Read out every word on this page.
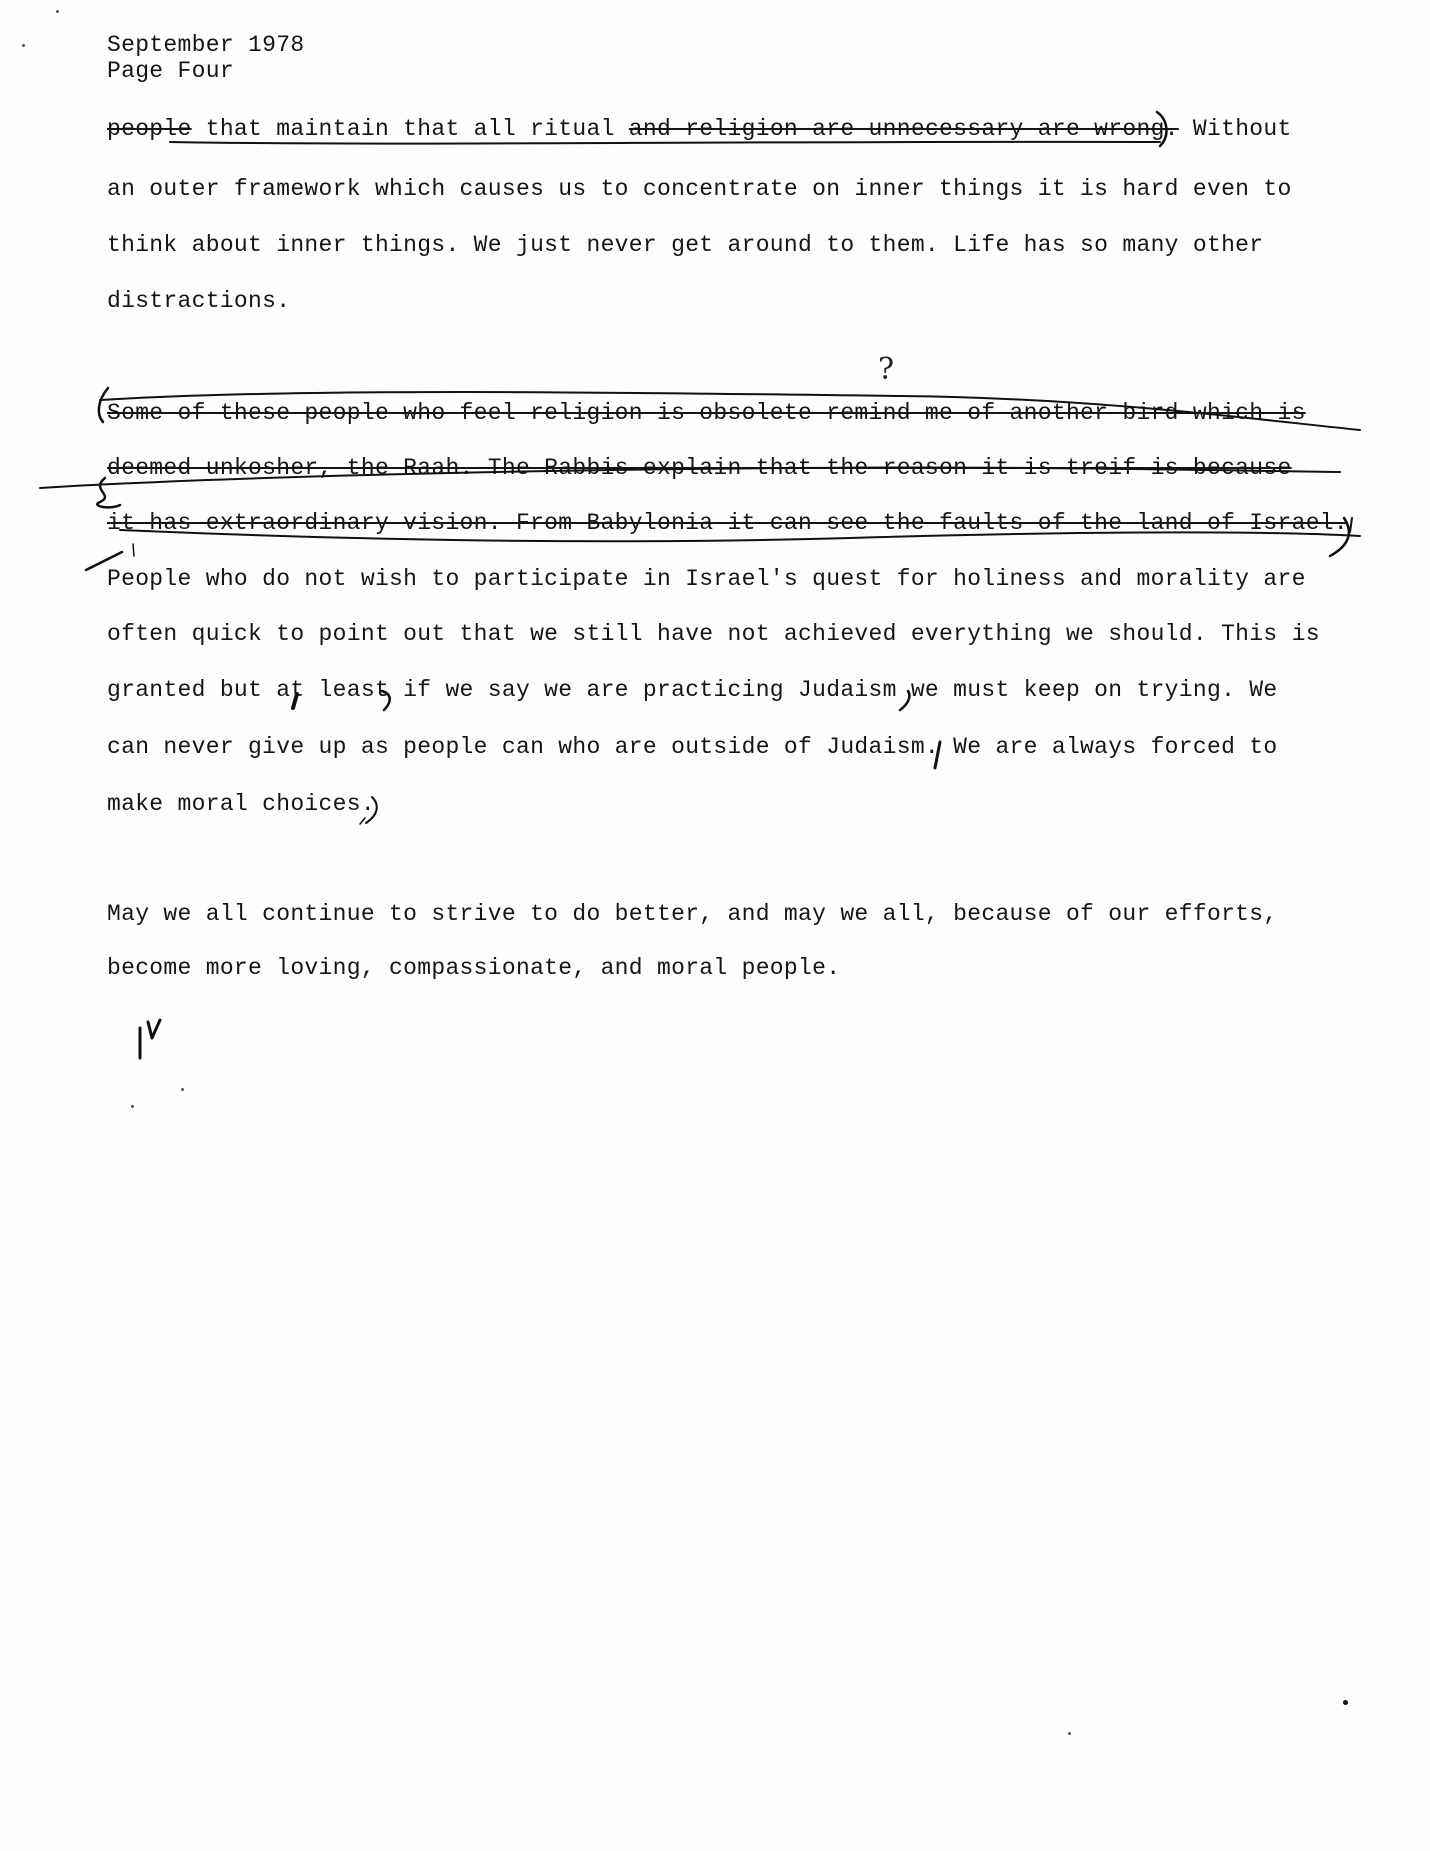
September 1978
Page Four
people that maintain that all ritual and religion are unnecessary are wrong. Without
an outer framework which causes us to concentrate on inner things it is hard even to
think about inner things. We just never get around to them. Life has so many other
distractions.
Some of these people who feel religion is obsolete remind me of another bird which is
deemed unkosher, the Raah. The Rabbis explain that the reason it is treif is because
it has extraordinary vision. From Babylonia it can see the faults of the land of Israel.
People who do not wish to participate in Israel's quest for holiness and morality are
often quick to point out that we still have not achieved everything we should. This is
granted but at least if we say we are practicing Judaism we must keep on trying. We
can never give up as people can who are outside of Judaism. We are always forced to
make moral choices.
May we all continue to strive to do better, and may we all, because of our efforts,
become more loving, compassionate, and moral people.
?
